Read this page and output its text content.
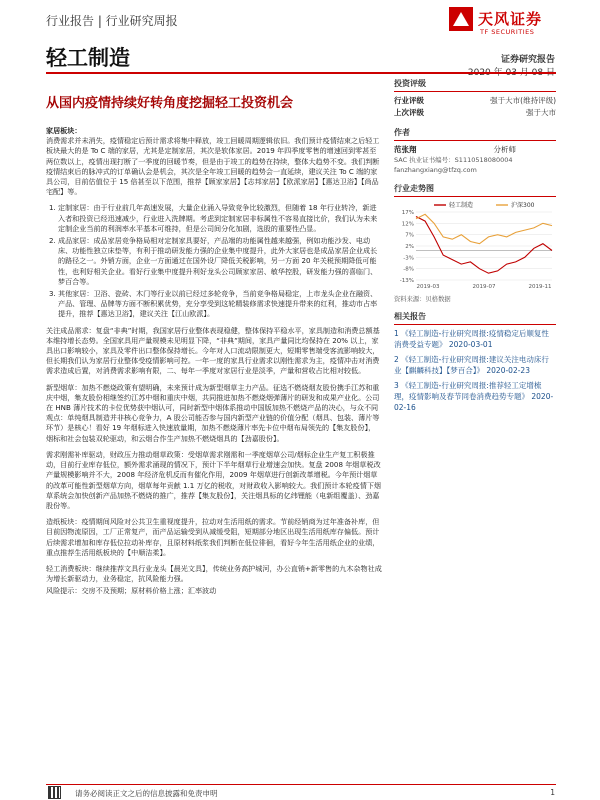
行业报告 | 行业研究周报	天风证券
TF SECURITIES
轻工制造	证券研究报告
从国内疫情持续好转角度挖掘轻工投资机会

家居板块：
消费需求并未消失，疫情稳定后预计需求将集中释放，竣工回暖周期逻辑依旧。我们预计疫情结束之后轻工板块最大的是 To C 端的家居，尤其是定制家居，其次是软体家居。2019 年四季度零售的增速回到零甚至两位数以上，疫情出现打断了一季度的回暖节奏，但是由于竣工的趋势在持续，整体大趋势不变。我们判断疫情结束后的脉冲式的订单确认会是机会，其次是全年竣工回暖的趋势会一直延续，建议关注 To C 端的家具公司，目前估值位于 15 倍甚至以下范围，推荐【顾家家居】【志邦家居】【欧派家居】【惠达卫浴】【尚品宅配】等。

1. 定制家居：由于行业前几年高速发展，大量企业涌入导致竞争比较激烈，但随着 18 年行业转冷，新进入者和投资已经迅速减少，行业进入洗牌期。考虑到定制家居非标属性不容易直接比价，我们认为未来定制企业当前的利润率水平基本可维持，但是公司间分化加剧，选股的重要性凸显。
2. 成品家居：成品家居竞争格局相对定制家具要好，产品端的功能属性越来越强，例如功能沙发、电动床、功能性独立床垫等，有利于推动研发能力强的企业集中度提升，此外大家居也是成品家居企业成长的路径之一。外销方面，企业一方面通过在国外设厂降低关税影响，另一方面 20 年关税预期降低可能性，也利好相关企业。看好行业集中度提升利好龙头公司顾家家居、敏华控股，研发能力强的喜临门、梦百合等。
3. 其他家居：卫浴、瓷砖、木门等行业以前已经过多轮竞争，当前竞争格局稳定，上市龙头企业在融资、产品、管理、品牌等方面不断积累优势，充分享受到这轮精装修需求快速提升带来的红利，推动市占率提升，推荐【惠达卫浴】，建议关注【江山欧派】。

关注成品需求：复盘“非典”时期，我国家居行业整体表现稳健，整体保持平稳水平，家具制造和消费总额基本维持增长态势。全国家具用产量规模未见明显下降，“非典”期间，家具产量同比均保持在 20% 以上，家具出口影响较小，家具及零件出口整体保持增长。今年对人口流动限制更大，短期零售端受客流影响较大，但长期我们认为家居行业整体受疫情影响可控。一年一度的家具行业需求以刚性需求为主，疫情冲击对消费需求造成后置，对消费需求影响有限，二、每年一季度对家居行业是淡季，产量和营收占比相对较低。

新型烟草：加热不燃烧政策有望明确，未来预计成为新型烟草主力产品。征选不燃烧烟友股份携手江苏和重庆中烟，集友股份相继签约江苏中烟和重庆中烟，共同推进加热不燃烧烟弹薄片的研发和成果产业化。公司在 HNB 薄片技术的卡位优势获中烟认可，同时新型中烟体系推动中国版加热不燃烧产品的决心，与众不同观点：单纯烟具制造并非核心竞争力，A 股公司能否参与国内新型产业链的价值分配（烟具、包装、薄片等环节）是核心！看好 19 年烟标进入快速放量期，加热不燃烧薄片率先卡位中烟布局领先的【集友股份】，烟标和社会包装双轮驱动，和云烟合作生产加热不燃烧烟具的【劲嘉股份】。

需求刚需补库驱动，财政压力推动烟草政策：受烟草需求刚需和一季度烟草公司/烟标企业生产复工积极推动，目前行业库存低位，额外需求涌现的情况下，预计下半年烟草行业增速会加快。复盘 2008 年烟草税改产量规模影响并不大，2008 年经济危机反而有催化作用，2009 年烟草进行创新改革增税。今年预计烟草的改革可能性新型烟草方向，烟草每年贡献 1.1 万亿的税收，对财政收入影响较大。我们预计本轮疫情下烟草系统会加快创新产品加热不燃烧的推广，推荐【集友股份】，关注烟具标的亿纬锂能（电新组覆盖）、劲嘉股份等。

造纸板块：疫情期间风险对公共卫生重视度提升，拉动对生活用纸的需求。节前经销商为过年准备补库，但目前因物流原因，工厂正常复产，而产品运输受到从减缓受阻，短期部分地区出现生活用纸库存偏低。预计后续需求增加和库存低位拉动补库存，且原材料纸浆我们判断在低位徘徊，看好今年生活用纸企业的业绩，重点推荐生活用纸板块的【中顺洁柔】。

轻工消费板块：继续推荐文具行业龙头【晨光文具】，传统业务高护城河，办公直销+新零售的九木杂物社成为增长新驱动力，业务稳定，抗风险能力强。

风险提示：交房不及预期；原材料价格上涨；汇率波动

投资评级
行业评级	强于大市(维持评级)
上次评级	强于大市
作者
范张翔	分析师
SAC 执业证书编号：S1110518080004
fanzhangxiang@tfzq.com
行业走势图
17%
12%
7%
2%
-3%
-8%
-13%
2019-03	2019-07	2019-11
轻工制造	沪深300
资料来源：贝格数据
相关报告
1 《轻工制造-行业研究周报:疫情稳定后顺复性消费受益专题》 2020-03-01
2 《轻工制造-行业研究周报:建议关注电动床行业【麒麟科技】【梦百合】》 2020-02-23
3 《轻工制造-行业研究周报:推荐轻工定增梳理，疫情影响及春节同卷消费趋势专题》 2020-02-16
请务必阅读正文之后的信息披露和免责申明	1
